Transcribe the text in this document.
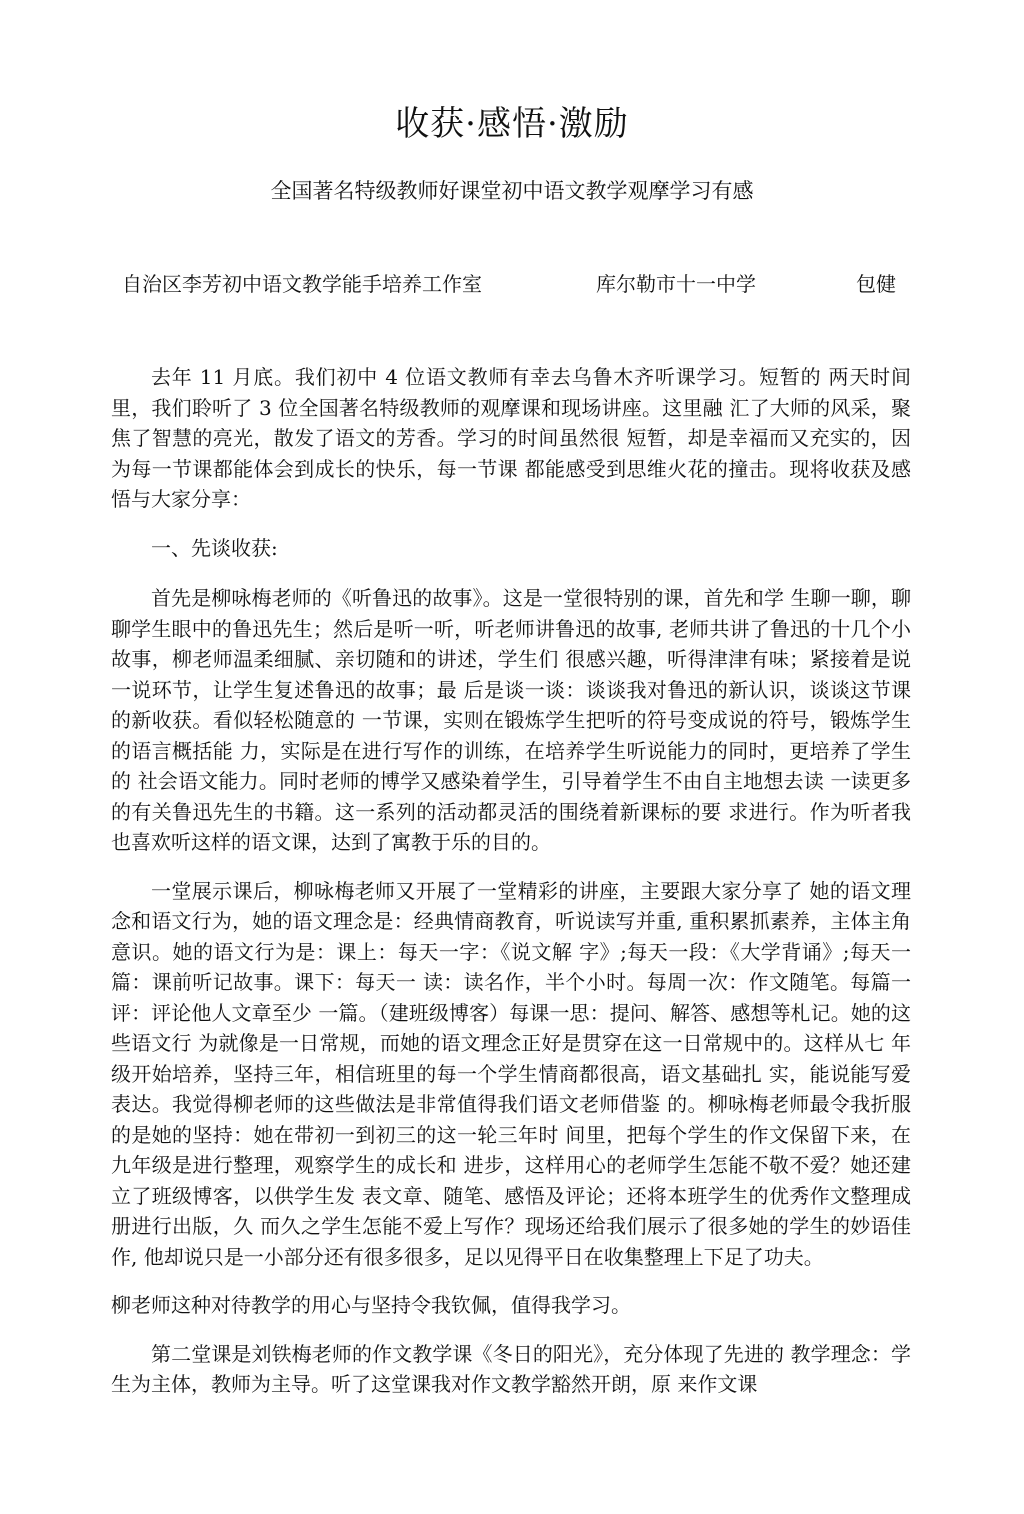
收获·感悟·激励
全国著名特级教师好课堂初中语文教学观摩学习有感
自治区李芳初中语文教学能手培养工作室	库尔勒市十一中学	包健

去年 11 月底。我们初中 4 位语文教师有幸去乌鲁木齐听课学习。短暂的 两天时间里，我们聆听了 3 位全国著名特级教师的观摩课和现场讲座。这里融 汇了大师的风采，聚焦了智慧的亮光，散发了语文的芳香。学习的时间虽然很 短暂，却是幸福而又充实的，因为每一节课都能体会到成长的快乐，每一节课 都能感受到思维火花的撞击。现将收获及感悟与大家分享：

一、先谈收获:

首先是柳咏梅老师的《听鲁迅的故事》。这是一堂很特别的课，首先和学 生聊一聊，聊聊学生眼中的鲁迅先生；然后是听一听，听老师讲鲁迅的故事, 老师共讲了鲁迅的十几个小故事，柳老师温柔细腻、亲切随和的讲述，学生们 很感兴趣，听得津津有味；紧接着是说一说环节，让学生复述鲁迅的故事；最 后是谈一谈：谈谈我对鲁迅的新认识，谈谈这节课的新收获。看似轻松随意的 一节课，实则在锻炼学生把听的符号变成说的符号，锻炼学生的语言概括能 力，实际是在进行写作的训练，在培养学生听说能力的同时，更培养了学生的 社会语文能力。同时老师的博学又感染着学生，引导着学生不由自主地想去读 一读更多的有关鲁迅先生的书籍。这一系列的活动都灵活的围绕着新课标的要 求进行。作为听者我也喜欢听这样的语文课，达到了寓教于乐的目的。

一堂展示课后，柳咏梅老师又开展了一堂精彩的讲座，主要跟大家分享了 她的语文理念和语文行为，她的语文理念是：经典情商教育，听说读写并重, 重积累抓素养，主体主角意识。她的语文行为是：课上：每天一字：《说文解 字》;每天一段：《大学背诵》;每天一篇：课前听记故事。课下：每天一 读：读名作，半个小时。每周一次：作文随笔。每篇一评：评论他人文章至少 一篇。（建班级博客）每课一思：提问、解答、感想等札记。她的这些语文行 为就像是一日常规，而她的语文理念正好是贯穿在这一日常规中的。这样从七 年级开始培养，坚持三年，相信班里的每一个学生情商都很高，语文基础扎 实，能说能写爱表达。我觉得柳老师的这些做法是非常值得我们语文老师借鉴 的。柳咏梅老师最令我折服的是她的坚持：她在带初一到初三的这一轮三年时 间里，把每个学生的作文保留下来，在九年级是进行整理，观察学生的成长和 进步，这样用心的老师学生怎能不敬不爱？她还建立了班级博客，以供学生发 表文章、随笔、感悟及评论；还将本班学生的优秀作文整理成册进行出版，久 而久之学生怎能不爱上写作？现场还给我们展示了很多她的学生的妙语佳作, 他却说只是一小部分还有很多很多，足以见得平日在收集整理上下足了功夫。

柳老师这种对待教学的用心与坚持令我钦佩，值得我学习。

第二堂课是刘铁梅老师的作文教学课《冬日的阳光》，充分体现了先进的 教学理念：学生为主体，教师为主导。听了这堂课我对作文教学豁然开朗，原 来作文课
